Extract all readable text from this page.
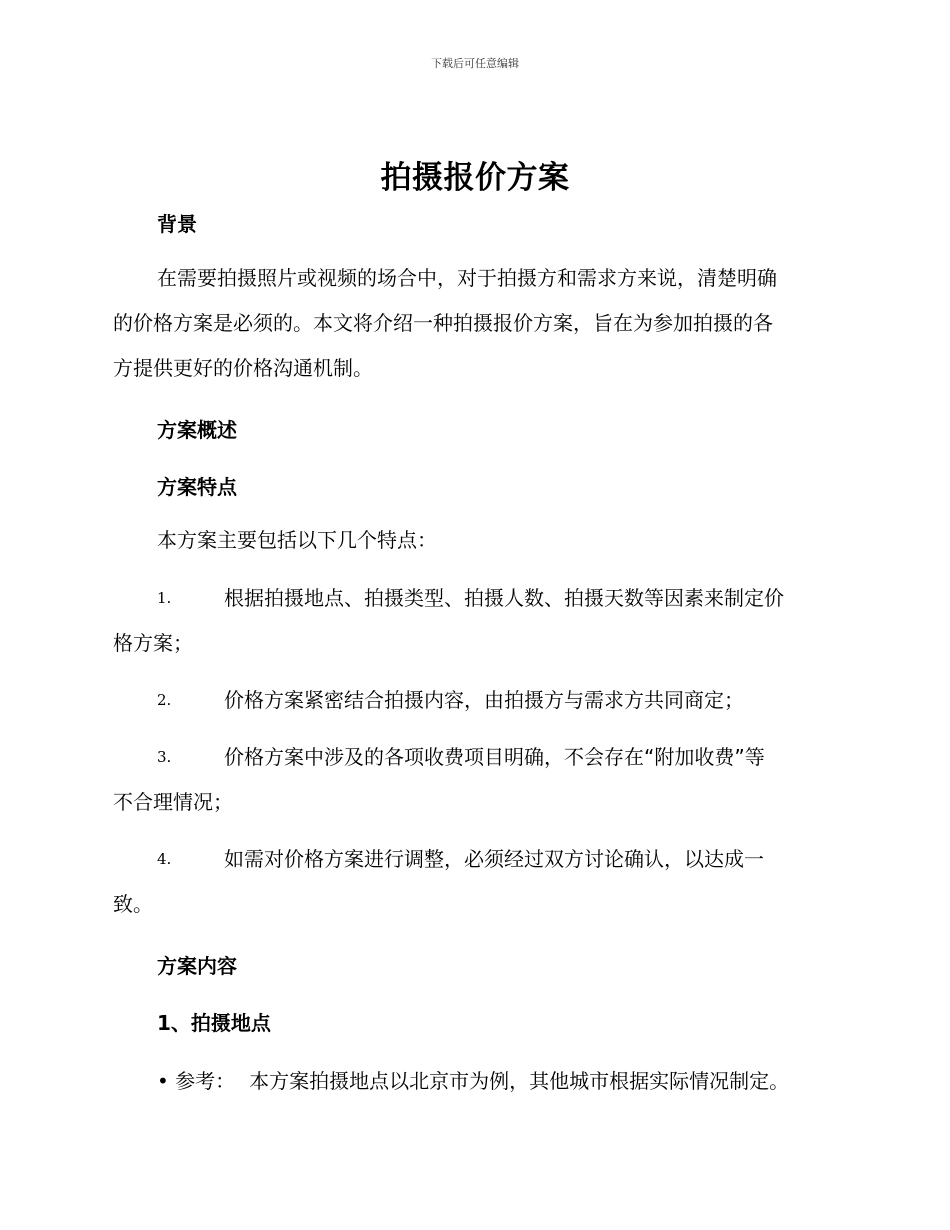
下载后可任意编辑
拍摄报价方案
背景
在需要拍摄照片或视频的场合中，对于拍摄方和需求方来说，清楚明确
的价格方案是必须的。本文将介绍一种拍摄报价方案，旨在为参加拍摄的各
方提供更好的价格沟通机制。
方案概述
方案特点
本方案主要包括以下几个特点：
1.	根据拍摄地点、拍摄类型、拍摄人数、拍摄天数等因素来制定价
格方案；
2.	价格方案紧密结合拍摄内容，由拍摄方与需求方共同商定；
3.	价格方案中涉及的各项收费项目明确，不会存在“附加收费”等
不合理情况；
4.	如需对价格方案进行调整，必须经过双方讨论确认，以达成一
致。
方案内容
1、拍摄地点
• 参考： 本方案拍摄地点以北京市为例，其他城市根据实际情况制定。
